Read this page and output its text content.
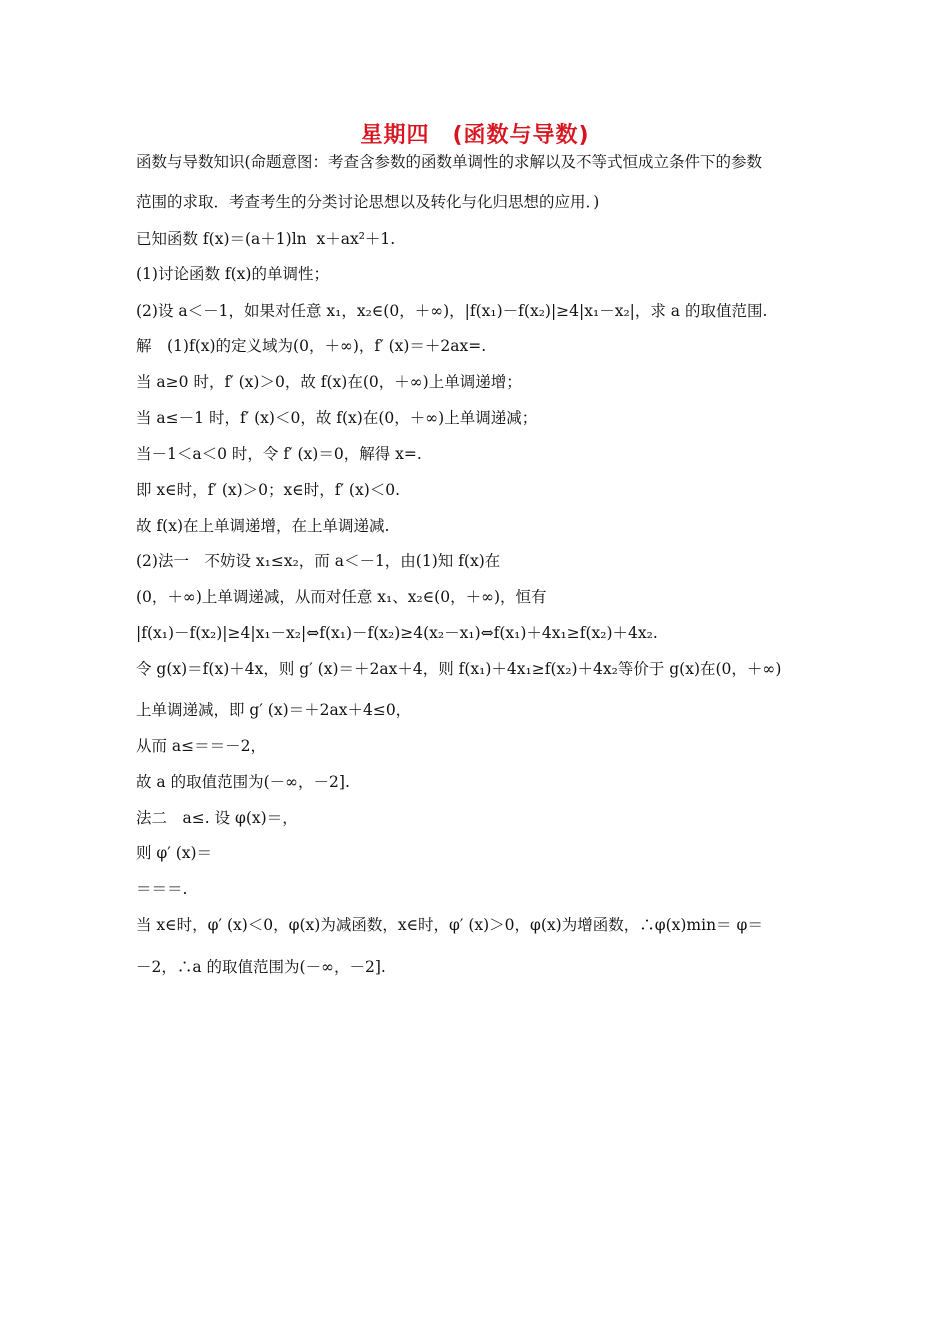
星期四　(函数与导数)
函数与导数知识(命题意图：考查含参数的函数单调性的求解以及不等式恒成立条件下的参数
范围的求取．考查考生的分类讨论思想以及转化与化归思想的应用．)
已知函数 f(x)＝(a＋1)ln  x＋ax²＋1.
(1)讨论函数 f(x)的单调性；
(2)设 a＜－1，如果对任意 x₁，x₂∈(0，＋∞)，|f(x₁)－f(x₂)|≥4|x₁－x₂|，求 a 的取值范围.
解　(1)f(x)的定义域为(0，＋∞)，f′ (x)＝＋2ax=.
当 a≥0 时，f′ (x)＞0，故 f(x)在(0，＋∞)上单调递增；
当 a≤－1 时，f′ (x)＜0，故 f(x)在(0，＋∞)上单调递减；
当－1＜a＜0 时，令 f′ (x)＝0，解得 x=.
即 x∈时，f′ (x)＞0；x∈时，f′ (x)＜0.
故 f(x)在上单调递增，在上单调递减.
(2)法一　不妨设 x₁≤x₂，而 a＜－1，由(1)知 f(x)在
(0，＋∞)上单调递减，从而对任意 x₁、x₂∈(0，＋∞)，恒有
|f(x₁)－f(x₂)|≥4|x₁－x₂|⇔f(x₁)－f(x₂)≥4(x₂－x₁)⇔f(x₁)＋4x₁≥f(x₂)＋4x₂.
令 g(x)＝f(x)＋4x，则 g′ (x)＝＋2ax＋4，则 f(x₁)＋4x₁≥f(x₂)＋4x₂等价于 g(x)在(0，＋∞)
上单调递减，即 g′ (x)＝＋2ax＋4≤0，
从而 a≤＝＝－2，
故 a 的取值范围为(－∞，－2].
法二　a≤. 设 φ(x)＝，
则 φ′ (x)＝
＝＝＝.
当 x∈时，φ′ (x)＜0，φ(x)为减函数，x∈时，φ′ (x)＞0，φ(x)为增函数，∴φ(x)min＝ φ＝
－2，∴a 的取值范围为(－∞，－2].
